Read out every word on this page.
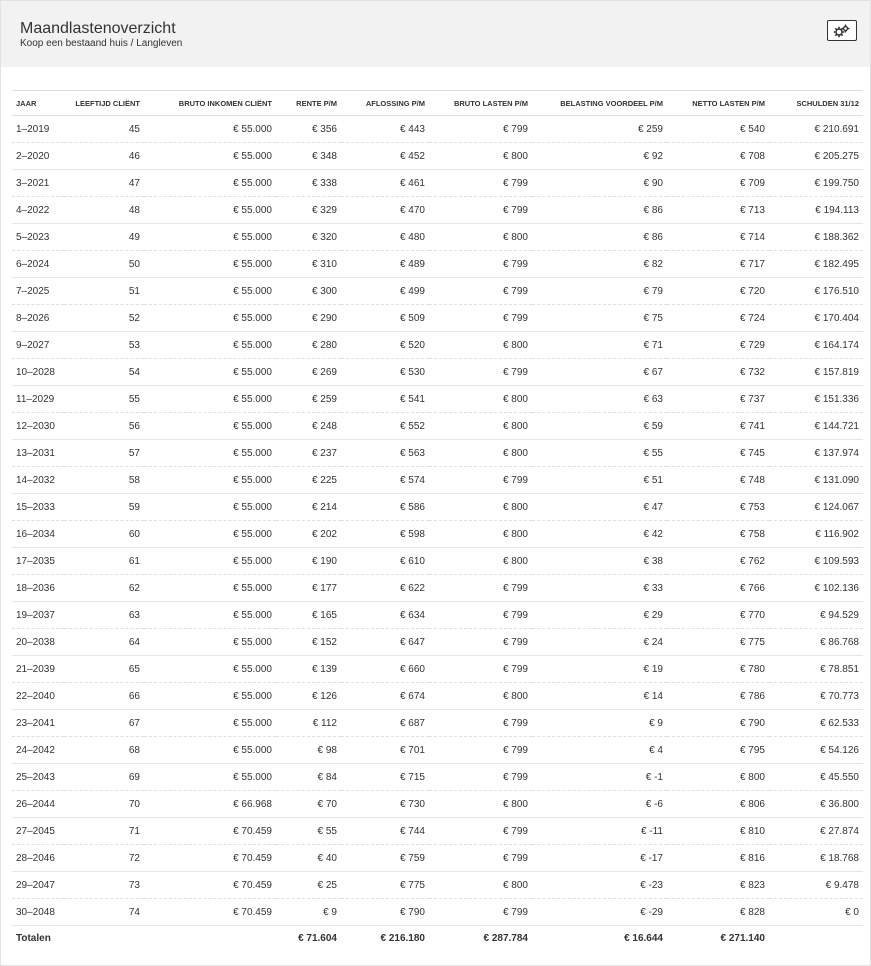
Maandlastenoverzicht
Koop een bestaand huis / Langleven
JAAR	LEEFTIJD CLIËNT	BRUTO INKOMEN CLIËNT	RENTE P/M	AFLOSSING P/M	BRUTO LASTEN P/M	BELASTING VOORDEEL P/M	NETTO LASTEN P/M	SCHULDEN 31/12
1–2019	45	€ 55.000	€ 356	€ 443	€ 799	€ 259	€ 540	€ 210.691
2–2020	46	€ 55.000	€ 348	€ 452	€ 800	€ 92	€ 708	€ 205.275
3–2021	47	€ 55.000	€ 338	€ 461	€ 799	€ 90	€ 709	€ 199.750
4–2022	48	€ 55.000	€ 329	€ 470	€ 799	€ 86	€ 713	€ 194.113
5–2023	49	€ 55.000	€ 320	€ 480	€ 800	€ 86	€ 714	€ 188.362
6–2024	50	€ 55.000	€ 310	€ 489	€ 799	€ 82	€ 717	€ 182.495
7–2025	51	€ 55.000	€ 300	€ 499	€ 799	€ 79	€ 720	€ 176.510
8–2026	52	€ 55.000	€ 290	€ 509	€ 799	€ 75	€ 724	€ 170.404
9–2027	53	€ 55.000	€ 280	€ 520	€ 800	€ 71	€ 729	€ 164.174
10–2028	54	€ 55.000	€ 269	€ 530	€ 799	€ 67	€ 732	€ 157.819
11–2029	55	€ 55.000	€ 259	€ 541	€ 800	€ 63	€ 737	€ 151.336
12–2030	56	€ 55.000	€ 248	€ 552	€ 800	€ 59	€ 741	€ 144.721
13–2031	57	€ 55.000	€ 237	€ 563	€ 800	€ 55	€ 745	€ 137.974
14–2032	58	€ 55.000	€ 225	€ 574	€ 799	€ 51	€ 748	€ 131.090
15–2033	59	€ 55.000	€ 214	€ 586	€ 800	€ 47	€ 753	€ 124.067
16–2034	60	€ 55.000	€ 202	€ 598	€ 800	€ 42	€ 758	€ 116.902
17–2035	61	€ 55.000	€ 190	€ 610	€ 800	€ 38	€ 762	€ 109.593
18–2036	62	€ 55.000	€ 177	€ 622	€ 799	€ 33	€ 766	€ 102.136
19–2037	63	€ 55.000	€ 165	€ 634	€ 799	€ 29	€ 770	€ 94.529
20–2038	64	€ 55.000	€ 152	€ 647	€ 799	€ 24	€ 775	€ 86.768
21–2039	65	€ 55.000	€ 139	€ 660	€ 799	€ 19	€ 780	€ 78.851
22–2040	66	€ 55.000	€ 126	€ 674	€ 800	€ 14	€ 786	€ 70.773
23–2041	67	€ 55.000	€ 112	€ 687	€ 799	€ 9	€ 790	€ 62.533
24–2042	68	€ 55.000	€ 98	€ 701	€ 799	€ 4	€ 795	€ 54.126
25–2043	69	€ 55.000	€ 84	€ 715	€ 799	€ -1	€ 800	€ 45.550
26–2044	70	€ 66.968	€ 70	€ 730	€ 800	€ -6	€ 806	€ 36.800
27–2045	71	€ 70.459	€ 55	€ 744	€ 799	€ -11	€ 810	€ 27.874
28–2046	72	€ 70.459	€ 40	€ 759	€ 799	€ -17	€ 816	€ 18.768
29–2047	73	€ 70.459	€ 25	€ 775	€ 800	€ -23	€ 823	€ 9.478
30–2048	74	€ 70.459	€ 9	€ 790	€ 799	€ -29	€ 828	€ 0
Totalen			€ 71.604	€ 216.180	€ 287.784	€ 16.644	€ 271.140	
